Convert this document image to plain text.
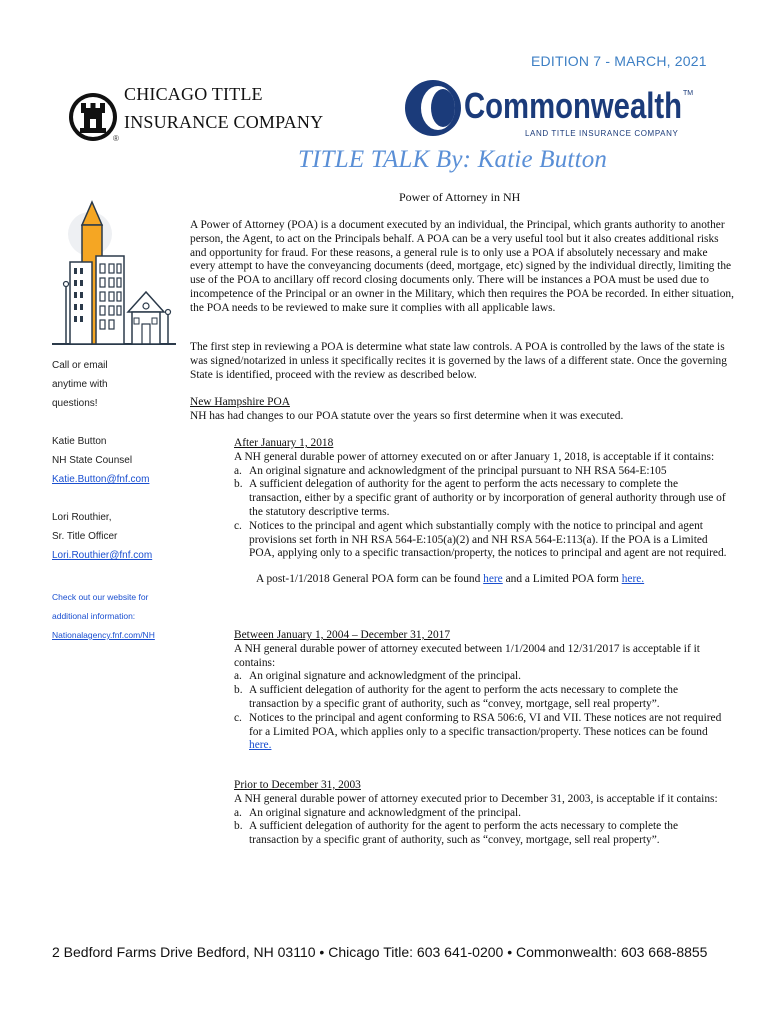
EDITION 7 - MARCH, 2021
®
CHICAGO TITLE
INSURANCE COMPANY	Commonwealth TM
LAND TITLE INSURANCE COMPANY
TITLE TALK By: Katie Button
Power of Attorney in NH
Call or email
anytime with
questions!
Katie Button
NH State Counsel
Katie.Button@fnf.com
Lori Routhier,
Sr. Title Officer
Lori.Routhier@fnf.com
Check out our website for
additional information:
Nationalagency.fnf.com/NH

A Power of Attorney (POA) is a document executed by an individual, the Principal, which grants authority to another person, the Agent, to act on the Principals behalf. A POA can be a very useful tool but it also creates additional risks and opportunity for fraud. For these reasons, a general rule is to only use a POA if absolutely necessary and make every attempt to have the conveyancing documents (deed, mortgage, etc) signed by the individual directly, limiting the use of the POA to ancillary off record closing documents only. There will be instances a POA must be used due to incompetence of the Principal or an owner in the Military, which then requires the POA be recorded. In either situation, the POA needs to be reviewed to make sure it complies with all applicable laws.

The first step in reviewing a POA is determine what state law controls. A POA is controlled by the laws of the state is was signed/notarized in unless it specifically recites it is governed by the laws of a different state. Once the governing State is identified, proceed with the review as described below.

New Hampshire POA

NH has had changes to our POA statute over the years so first determine when it was executed.

After January 1, 2018

A NH general durable power of attorney executed on or after January 1, 2018, is acceptable if it contains:

a. An original signature and acknowledgment of the principal pursuant to NH RSA 564-E:105
b. A sufficient delegation of authority for the agent to perform the acts necessary to complete the transaction, either by a specific grant of authority or by incorporation of general authority through use of the statutory descriptive terms.
c. Notices to the principal and agent which substantially comply with the notice to principal and agent provisions set forth in NH RSA 564-E:105(a)(2) and NH RSA 564-E:113(a). If the POA is a Limited POA, applying only to a specific transaction/property, the notices to principal and agent are not required.

A post-1/1/2018 General POA form can be found here and a Limited POA form here.

Between January 1, 2004 – December 31, 2017

A NH general durable power of attorney executed between 1/1/2004 and 12/31/2017 is acceptable if it contains:

a. An original signature and acknowledgment of the principal.
b. A sufficient delegation of authority for the agent to perform the acts necessary to complete the transaction by a specific grant of authority, such as “convey, mortgage, sell real property”.
c. Notices to the principal and agent conforming to RSA 506:6, VI and VII. These notices are not required for a Limited POA, which applies only to a specific transaction/property. These notices can be found here.

Prior to December 31, 2003

A NH general durable power of attorney executed prior to December 31, 2003, is acceptable if it contains:

a. An original signature and acknowledgment of the principal.
b. A sufficient delegation of authority for the agent to perform the acts necessary to complete the transaction by a specific grant of authority, such as “convey, mortgage, sell real property”.
2 Bedford Farms Drive Bedford, NH 03110 • Chicago Title: 603 641-0200 • Commonwealth: 603 668-8855
